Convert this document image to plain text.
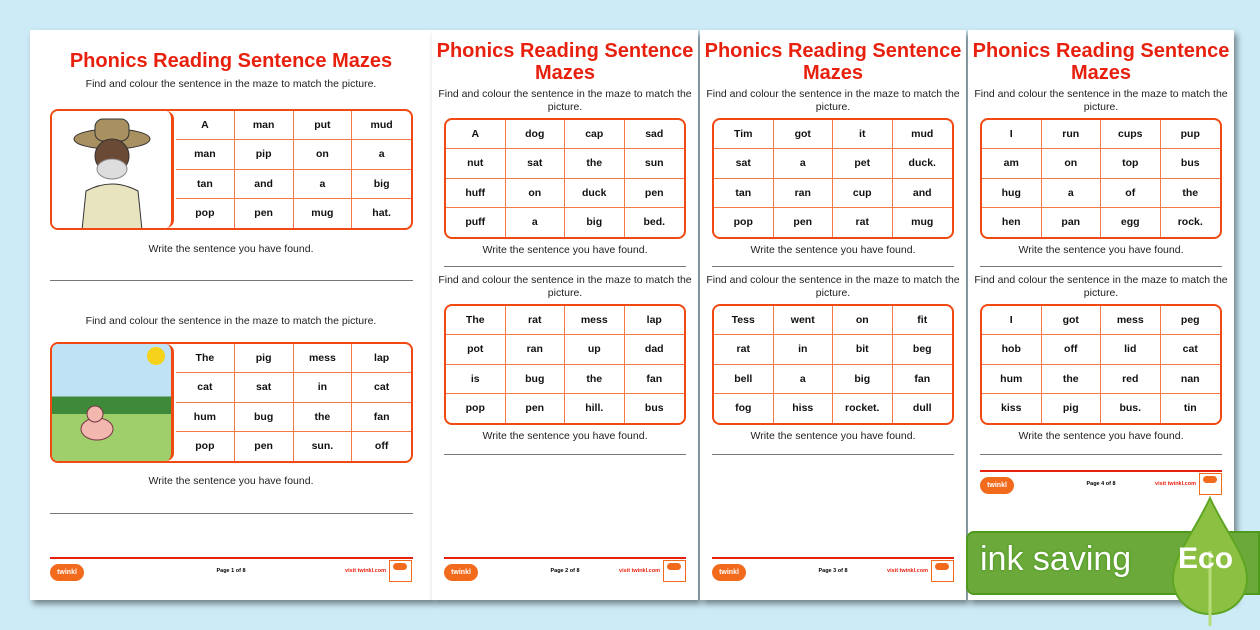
Phonics Reading Sentence Mazes
Find and colour the sentence in the maze to match the picture.
A	man	put	mud
man	pip	on	a
tan	and	a	big
pop	pen	mug	hat.
Write the sentence you have found.
Find and colour the sentence in the maze to match the picture.
The	pig	mess	lap
cat	sat	in	cat
hum	bug	the	fan
pop	pen	sun.	off
Write the sentence you have found.
twinkl	Page 1 of 8	visit twinkl.com
Phonics Reading Sentence Mazes
Find and colour the sentence in the maze to match the picture.
A	dog	cap	sad
nut	sat	the	sun
huff	on	duck	pen
puff	a	big	bed.
Write the sentence you have found.
Find and colour the sentence in the maze to match the picture.
The	rat	mess	lap
pot	ran	up	dad
is	bug	the	fan
pop	pen	hill.	bus
Write the sentence you have found.
twinkl	Page 2 of 8	visit twinkl.com
Phonics Reading Sentence Mazes
Find and colour the sentence in the maze to match the picture.
Tim	got	it	mud
sat	a	pet	duck.
tan	ran	cup	and
pop	pen	rat	mug
Write the sentence you have found.
Find and colour the sentence in the maze to match the picture.
Tess	went	on	fit
rat	in	bit	beg
bell	a	big	fan
fog	hiss	rocket.	dull
Write the sentence you have found.
twinkl	Page 3 of 8	visit twinkl.com
Phonics Reading Sentence Mazes
Find and colour the sentence in the maze to match the picture.
I	run	cups	pup
am	on	top	bus
hug	a	of	the
hen	pan	egg	rock.
Write the sentence you have found.
Find and colour the sentence in the maze to match the picture.
I	got	mess	peg
hob	off	lid	cat
hum	the	red	nan
kiss	pig	bus.	tin
Write the sentence you have found.
twinkl	Page 4 of 8	visit twinkl.com
ink saving Eco
